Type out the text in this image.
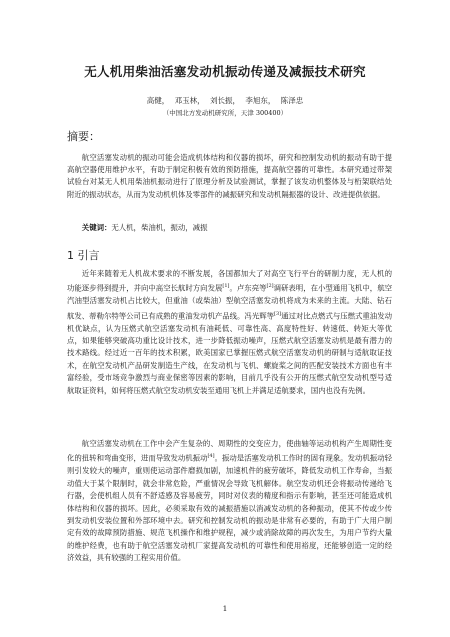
无人机用柴油活塞发动机振动传递及减振技术研究
高健， 邓玉林， 刘长振， 李旭东， 陈泽忠
（中国北方发动机研究所，天津 300400）
摘要：

航空活塞发动机的振动可能会造成机体结构和仪器的损坏，研究和控制发动机的振动有助于提高航空器使用维护水平，有助于制定积极有效的预防措施，提高航空器的可靠性。本研究通过带架试验台对某无人机用柴油机振动进行了原理分析及试验测试，掌握了该发动机整体及与桁架联结处附近的振动状态，从而为发动机机体及零部件的减振研究和发动机隔振器的设计、改进提供依据。

关键词：无人机，柴油机，振动，减振

1 引言

近年来随着无人机战术要求的不断发展，各国都加大了对高空飞行平台的研制力度，无人机的功能逐步得到提升，并向中高空长航时方向发展[1]。卢东亮等[2]调研表明，在小型通用飞机中，航空汽油型活塞发动机占比较大，但重油（或柴油）型航空活塞发动机将成为未来的主流。大陆、钻石航发、蒂勒尔特等公司已有成熟的重油发动机产品线。冯光辉等[3]通过对比点燃式与压燃式重油发动机优缺点，认为压燃式航空活塞发动机有油耗低、可靠性高、高度特性好、转速低、转矩大等优点，如果能够突破高功重比设计技术，进一步降低振动噪声，压燃式航空活塞发动机是最有潜力的技术路线。经过近一百年的技术积累，欧美国家已掌握压燃式航空活塞发动机的研制与适航取证技术，在航空发动机产品研发制造生产线，在发动机与飞机、螺旋桨之间的匹配安装技术方面也有丰富经验，受市场竞争激烈与商业保密等因素的影响，目前几乎没有公开的压燃式航空发动机型号适航取证资料，如何将压燃式航空发动机安装至通用飞机上并满足适航要求，国内也没有先例。

航空活塞发动机在工作中会产生复杂的、周期性的交变应力，使曲轴等运动机构产生周期性变化的扭转和弯曲变形，进而导致发动机振动[4]。振动是活塞发动机工作时的固有现象。发动机振动轻则引发较大的噪声，重则使运动部件磨损加剧，加速机件的疲劳破坏，降低发动机工作寿命，当振动值大于某个限制时，就会非常危险，严重情况会导致飞机解体。航空发动机还会将振动传递给飞行器，会使机组人员有不舒适感及容易疲劳，同时对仪表的精度和指示有影响，甚至还可能造成机体结构和仪器的损坏。因此，必须采取有效的减振措施以消减发动机的各种振动，使其不传或少传到发动机安装位置和外部环境中去。研究和控制发动机的振动是非常有必要的，有助于广大用户制定有效的故障预防措施、规范飞机操作和维护规程，减少或消除故障的再次发生，为用户节约大量的维护经费，也有助于航空活塞发动机厂家提高发动机的可靠性和使用裕度，还能够创造一定的经济效益，具有较强的工程实用价值。

1
